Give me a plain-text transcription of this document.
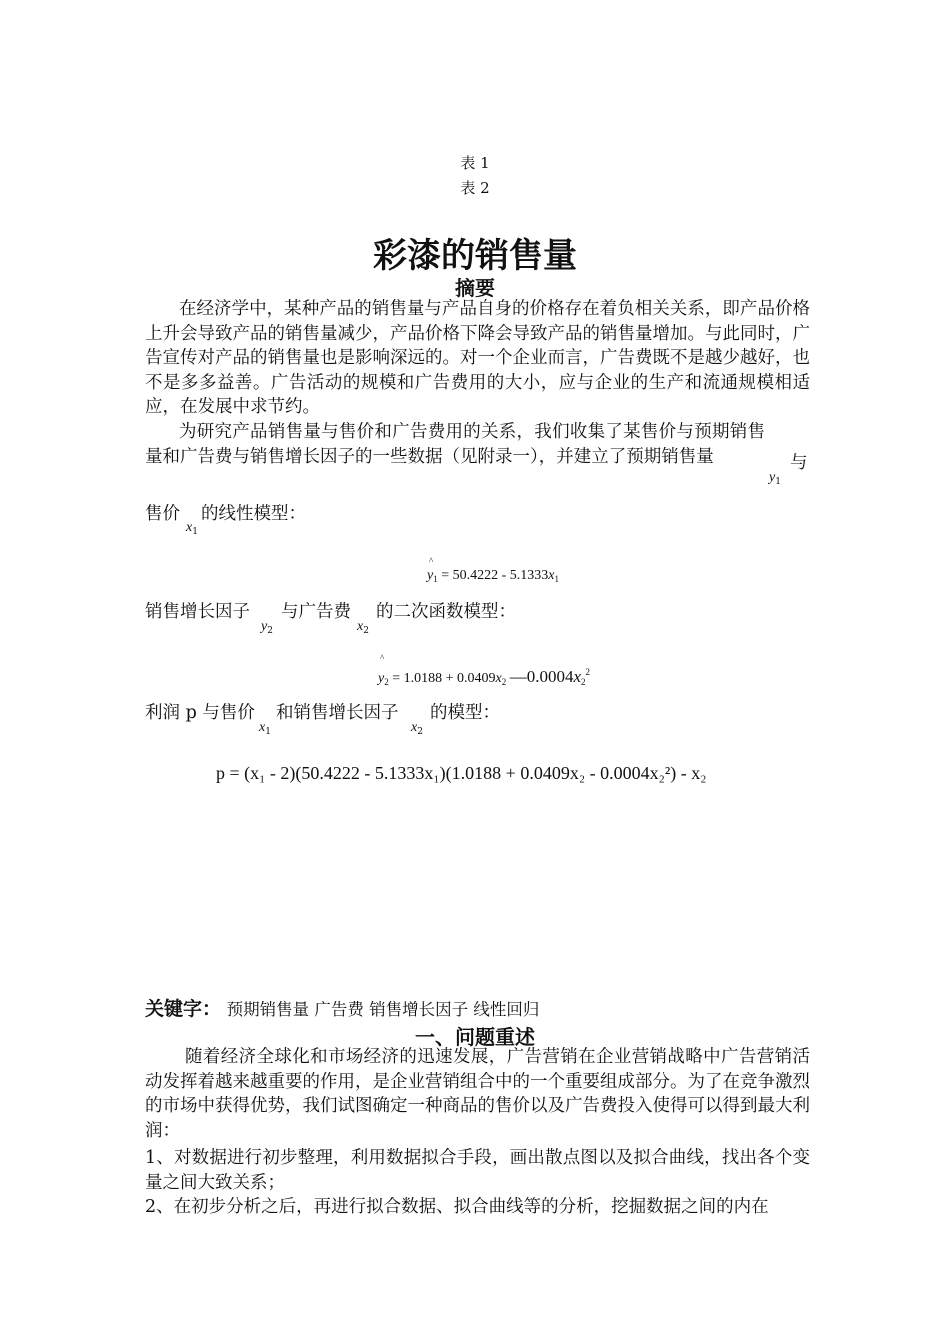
表 1
表 2
彩漆的销售量
摘要
在经济学中，某种产品的销售量与产品自身的价格存在着负相关关系，即产品价格上升会导致产品的销售量减少，产品价格下降会导致产品的销售量增加。与此同时，广告宣传对产品的销售量也是影响深远的。对一个企业而言，广告费既不是越少越好，也不是多多益善。广告活动的规模和广告费用的大小，应与企业的生产和流通规模相适应，在发展中求节约。
为研究产品销售量与售价和广告费用的关系，我们收集了某售价与预期销售量和广告费与销售增长因子的一些数据（见附录一），并建立了预期销售量
$y_1$
与
售价
$x_1$
的线性模型：
^
$y_1 = 50.4222 - 5.1333x_1$
销售增长因子
$y_2$
与广告费
$x_2$
的二次函数模型：
^
$y_2 = 1.0188 + 0.0409x_2$ $—0.0004x_2^2$
利润 p 与售价
$x_1$
和销售增长因子
$x_2$
的模型：
p = (x₁ - 2)(50.4222 - 5.1333x₁)(1.0188 + 0.0409x₂ - 0.0004x₂²) - x₂
关键字： 预期销售量 广告费 销售增长因子 线性回归
一、问题重述
随着经济全球化和市场经济的迅速发展，广告营销在企业营销战略中广告营销活动发挥着越来越重要的作用，是企业营销组合中的一个重要组成部分。为了在竞争激烈的市场中获得优势，我们试图确定一种商品的售价以及广告费投入使得可以得到最大利润：
1、对数据进行初步整理，利用数据拟合手段，画出散点图以及拟合曲线，找出各个变量之间大致关系；
2、在初步分析之后，再进行拟合数据、拟合曲线等的分析，挖掘数据之间的内在
